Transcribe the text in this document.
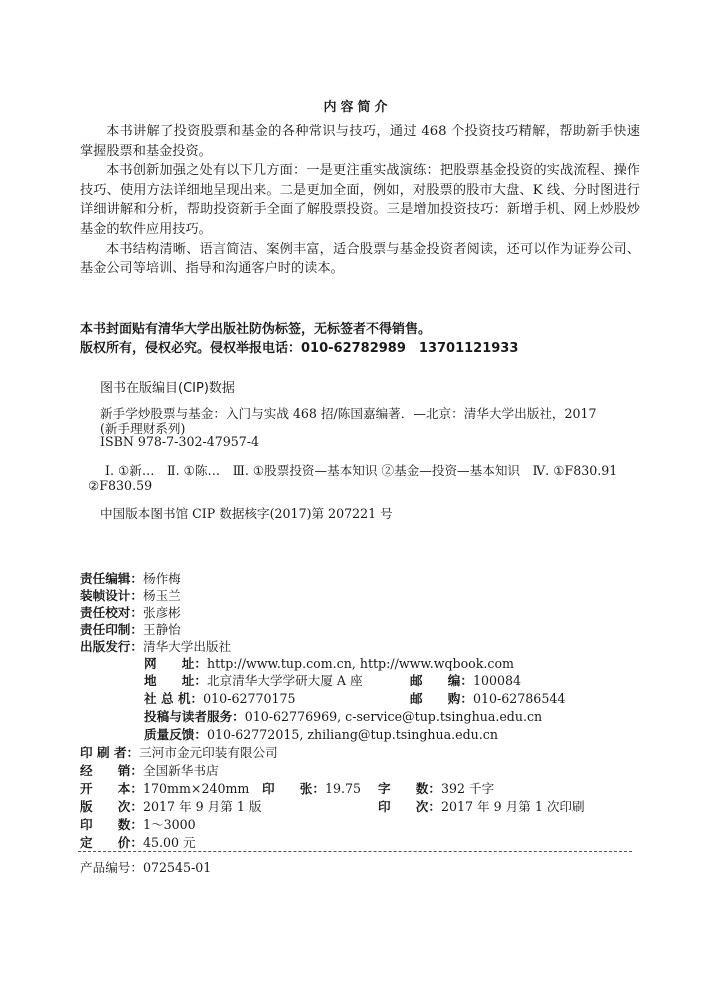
内容简介

本书讲解了投资股票和基金的各种常识与技巧，通过 468 个投资技巧精解，帮助新手快速掌握股票和基金投资。

本书创新加强之处有以下几方面：一是更注重实战演练：把股票基金投资的实战流程、操作技巧、使用方法详细地呈现出来。二是更加全面，例如，对股票的股市大盘、K 线、分时图进行详细讲解和分析，帮助投资新手全面了解股票投资。三是增加投资技巧：新增手机、网上炒股炒基金的软件应用技巧。

本书结构清晰、语言简洁、案例丰富，适合股票与基金投资者阅读，还可以作为证券公司、基金公司等培训、指导和沟通客户时的读本。

本书封面贴有清华大学出版社防伪标签，无标签者不得销售。
版权所有，侵权必究。侵权举报电话：010-62782989　13701121933
图书在版编目(CIP)数据
新手学炒股票与基金：入门与实战 468 招/陈国嘉编著．—北京：清华大学出版社，2017
(新手理财系列)
ISBN 978-7-302-47957-4
Ⅰ. ①新…　Ⅱ. ①陈…　Ⅲ. ①股票投资—基本知识 ②基金—投资—基本知识　Ⅳ. ①F830.91
②F830.59
中国版本图书馆 CIP 数据核字(2017)第 207221 号
责任编辑：杨作梅
装帧设计：杨玉兰
责任校对：张彦彬
责任印制：王静怡
出版发行：清华大学出版社
网　　址：http://www.tup.com.cn, http://www.wqbook.com
地　　址：北京清华大学学研大厦 A 座	邮　　编：100084
社 总 机：010-62770175	邮　　购：010-62786544
投稿与读者服务：010-62776969, c-service@tup.tsinghua.edu.cn
质量反馈：010-62772015, zhiliang@tup.tsinghua.edu.cn
印 刷 者：三河市金元印装有限公司
经　　销：全国新华书店
开　　本：170mm×240mm 印　　张：19.75 字　　数：392 千字
版　　次：2017 年 9 月第 1 版	印　　次：2017 年 9 月第 1 次印刷
印　　数：1～3000
定　　价：45.00 元
产品编号：072545-01
